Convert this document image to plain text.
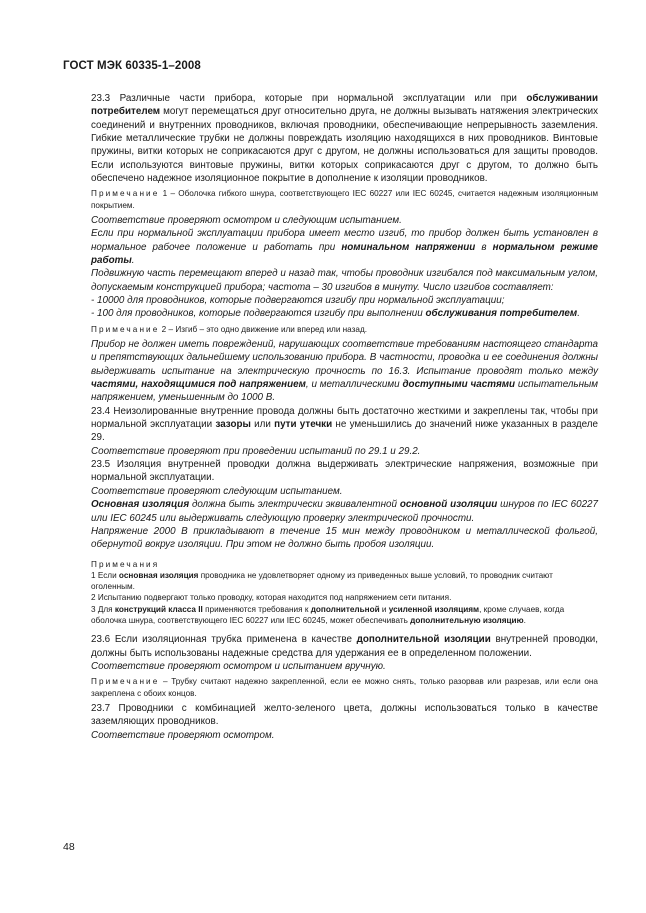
ГОСТ МЭК 60335-1–2008

23.3 Различные части прибора, которые при нормальной эксплуатации или при обслуживании потребителем могут перемещаться друг относительно друга, не должны вызывать натяжения электрических соединений и внутренних проводников, включая проводники, обеспечивающие непрерывность заземления. Гибкие металлические трубки не должны повреждать изоляцию находящихся в них проводников. Винтовые пружины, витки которых не соприкасаются друг с другом, не должны использоваться для защиты проводов. Если используются винтовые пружины, витки которых соприкасаются друг с другом, то должно быть обеспечено надежное изоляционное покрытие в дополнение к изоляции проводников.

Примечание 1 – Оболочка гибкого шнура, соответствующего IEC 60227 или IEC 60245, считается надежным изоляционным покрытием.

Соответствие проверяют осмотром и следующим испытанием.

Если при нормальной эксплуатации прибора имеет место изгиб, то прибор должен быть установлен в нормальное рабочее положение и работать при номинальном напряжении в нормальном режиме работы.

Подвижную часть перемещают вперед и назад так, чтобы проводник изгибался под максимальным углом, допускаемым конструкцией прибора; частота – 30 изгибов в минуту. Число изгибов составляет:

- 10000 для проводников, которые подвергаются изгибу при нормальной эксплуатации;

- 100 для проводников, которые подвергаются изгибу при выполнении обслуживания потребителем.

Примечание 2 – Изгиб – это одно движение или вперед или назад.

Прибор не должен иметь повреждений, нарушающих соответствие требованиям настоящего стандарта и препятствующих дальнейшему использованию прибора. В частности, проводка и ее соединения должны выдерживать испытание на электрическую прочность по 16.3. Испытание проводят только между частями, находящимися под напряжением, и металлическими доступными частями испытательным напряжением, уменьшенным до 1000 В.

23.4 Неизолированные внутренние провода должны быть достаточно жесткими и закреплены так, чтобы при нормальной эксплуатации зазоры или пути утечки не уменьшились до значений ниже указанных в разделе 29.

Соответствие проверяют при проведении испытаний по 29.1 и 29.2.

23.5 Изоляция внутренней проводки должна выдерживать электрические напряжения, возможные при нормальной эксплуатации.

Соответствие проверяют следующим испытанием.

Основная изоляция должна быть электрически эквивалентной основной изоляции шнуров по IEC 60227 или IEC 60245 или выдерживать следующую проверку электрической прочности.

Напряжение 2000 В прикладывают в течение 15 мин между проводником и металлической фольгой, обернутой вокруг изоляции. При этом не должно быть пробоя изоляции.

Примечания
1 Если основная изоляция проводника не удовлетворяет одному из приведенных выше условий, то проводник считают оголенным.
2 Испытанию подвергают только проводку, которая находится под напряжением сети питания.
3 Для конструкций класса II применяются требования к дополнительной и усиленной изоляциям, кроме случаев, когда оболочка шнура, соответствующего IEC 60227 или IEC 60245, может обеспечивать дополнительную изоляцию.

23.6 Если изоляционная трубка применена в качестве дополнительной изоляции внутренней проводки, должны быть использованы надежные средства для удержания ее в определенном положении.

Соответствие проверяют осмотром и испытанием вручную.

Примечание – Трубку считают надежно закрепленной, если ее можно снять, только разорвав или разрезав, или если она закреплена с обоих концов.

23.7 Проводники с комбинацией желто-зеленого цвета, должны использоваться только в качестве заземляющих проводников.

Соответствие проверяют осмотром.

48
